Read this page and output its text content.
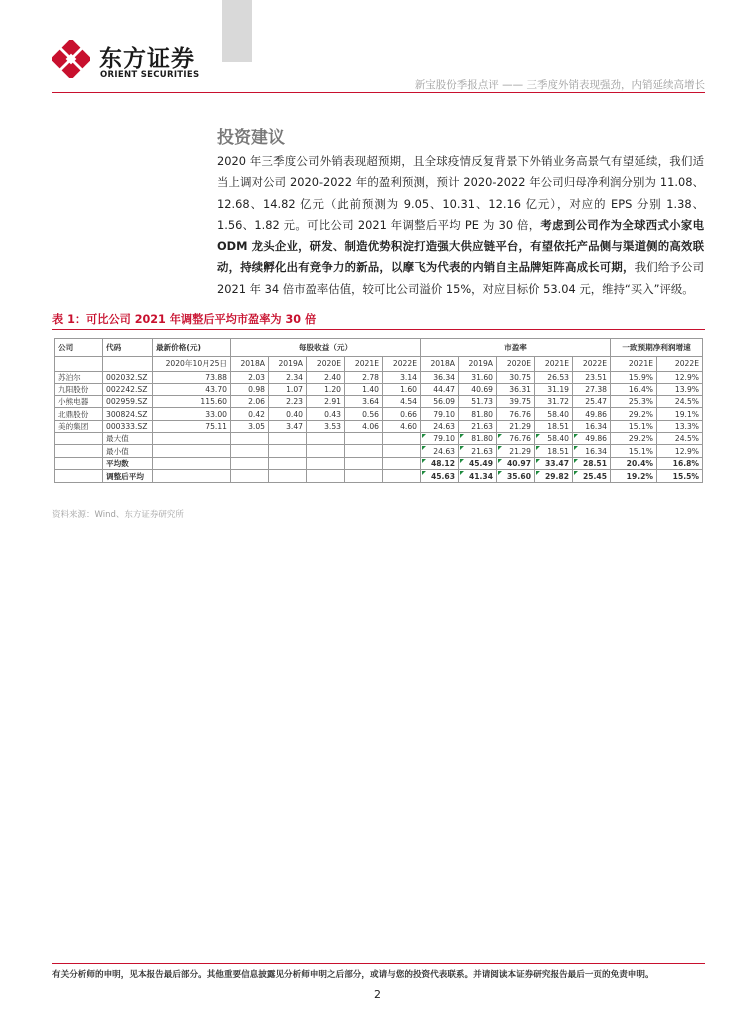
东方证券
ORIENT SECURITIES
新宝股份季报点评 —— 三季度外销表现强劲，内销延续高增长
投资建议
2020 年三季度公司外销表现超预期，且全球疫情反复背景下外销业务高景气有望延续，我们适当上调对公司 2020-2022 年的盈利预测，预计 2020-2022 年公司归母净利润分别为 11.08、12.68、14.82 亿元（此前预测为 9.05、10.31、12.16 亿元），对应的 EPS 分别 1.38、1.56、1.82 元。可比公司 2021 年调整后平均 PE 为 30 倍，考虑到公司作为全球西式小家电 ODM 龙头企业，研发、制造优势积淀打造强大供应链平台，有望依托产品侧与渠道侧的高效联动，持续孵化出有竞争力的新品，以摩飞为代表的内销自主品牌矩阵高成长可期，我们给予公司 2021 年 34 倍市盈率估值，较可比公司溢价 15%，对应目标价 53.04 元，维持“买入”评级。
表 1：可比公司 2021 年调整后平均市盈率为 30 倍
公司	代码	最新价格(元)	每股收益（元）					市盈率					一致预期净利润增速	
		2020年10月25日	2018A	2019A	2020E	2021E	2022E	2018A	2019A	2020E	2021E	2022E	2021E	2022E
苏泊尔	002032.SZ	73.88	2.03	2.34	2.40	2.78	3.14	36.34	31.60	30.75	26.53	23.51	15.9%	12.9%
九阳股份	002242.SZ	43.70	0.98	1.07	1.20	1.40	1.60	44.47	40.69	36.31	31.19	27.38	16.4%	13.9%
小熊电器	002959.SZ	115.60	2.06	2.23	2.91	3.64	4.54	56.09	51.73	39.75	31.72	25.47	25.3%	24.5%
北鼎股份	300824.SZ	33.00	0.42	0.40	0.43	0.56	0.66	79.10	81.80	76.76	58.40	49.86	29.2%	19.1%
美的集团	000333.SZ	75.11	3.05	3.47	3.53	4.06	4.60	24.63	21.63	21.29	18.51	16.34	15.1%	13.3%
	最大值							79.10	81.80	76.76	58.40	49.86	29.2%	24.5%
	最小值							24.63	21.63	21.29	18.51	16.34	15.1%	12.9%
	平均数							48.12	45.49	40.97	33.47	28.51	20.4%	16.8%
	调整后平均							45.63	41.34	35.60	29.82	25.45	19.2%	15.5%
资料来源：Wind、东方证券研究所
有关分析师的申明，见本报告最后部分。其他重要信息披露见分析师申明之后部分，或请与您的投资代表联系。并请阅读本证券研究报告最后一页的免责申明。
2
